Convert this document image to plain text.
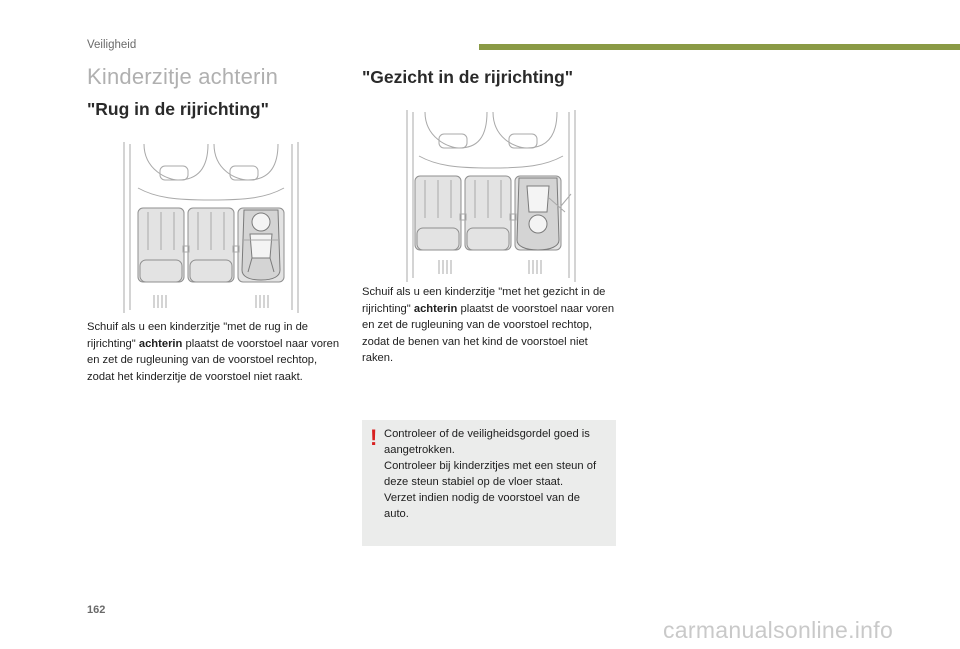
Veiligheid
Kinderzitje achterin
"Rug in de rijrichting"

Schuif als u een kinderzitje "met de rug in de rijrichting" achterin plaatst de voorstoel naar voren en zet de rugleuning van de voorstoel rechtop, zodat het kinderzitje de voorstoel niet raakt.

"Gezicht in de rijrichting"

Schuif als u een kinderzitje "met het gezicht in de rijrichting" achterin plaatst de voorstoel naar voren en zet de rugleuning van de voorstoel rechtop, zodat de benen van het kind de voorstoel niet raken.

! Controleer of de veiligheidsgordel goed is aangetrokken.
Controleer bij kinderzitjes met een steun of deze steun stabiel op de vloer staat.
Verzet indien nodig de voorstoel van de auto.
162
carmanualsonline.info
